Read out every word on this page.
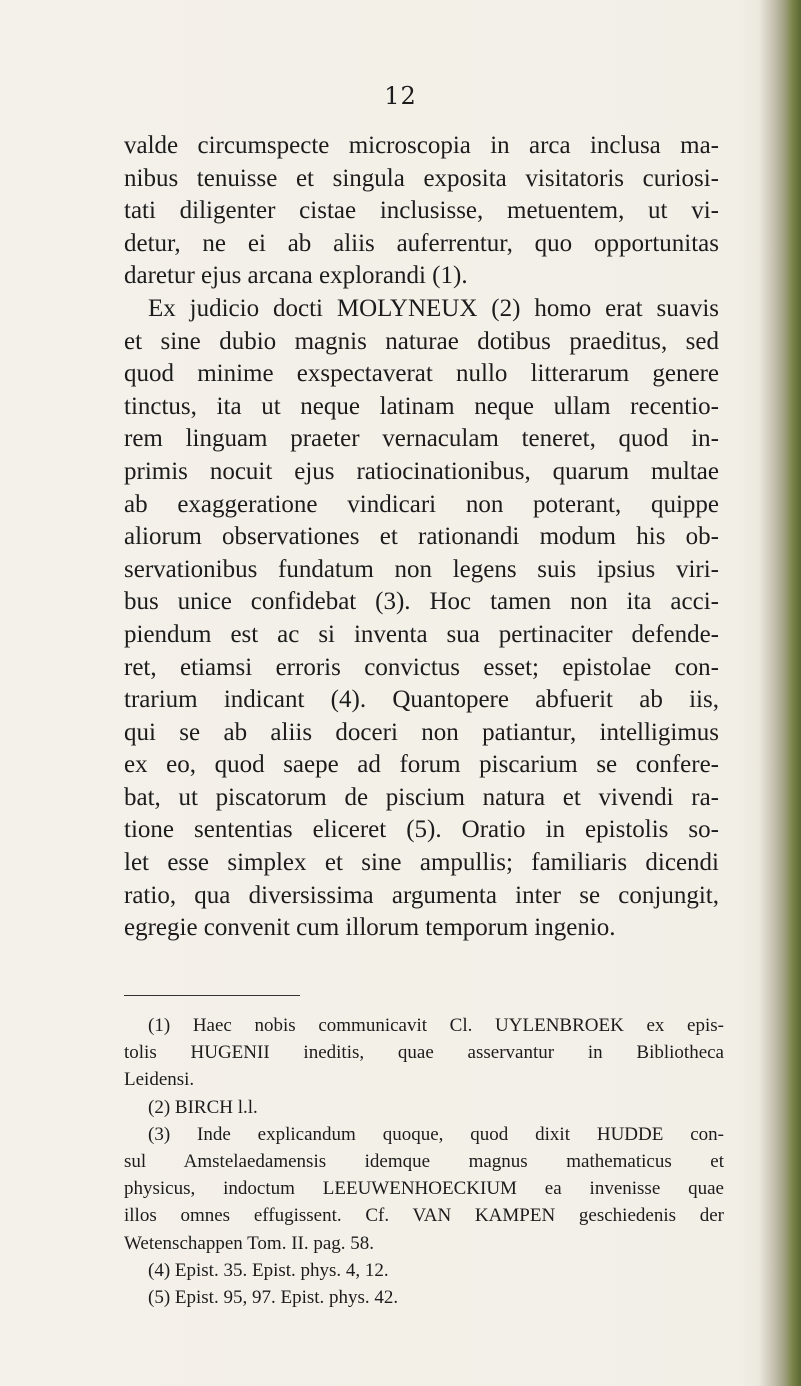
12
valde circumspecte microscopia in arca inclusa ma-
nibus tenuisse et singula exposita visitatoris curiosi-
tati diligenter cistae inclusisse, metuentem, ut vi-
detur, ne ei ab aliis auferrentur, quo opportunitas
daretur ejus arcana explorandi (1).
Ex judicio docti MOLYNEUX (2) homo erat suavis
et sine dubio magnis naturae dotibus praeditus, sed
quod minime exspectaverat nullo litterarum genere
tinctus, ita ut neque latinam neque ullam recentio-
rem linguam praeter vernaculam teneret, quod in-
primis nocuit ejus ratiocinationibus, quarum multae
ab exaggeratione vindicari non poterant, quippe
aliorum observationes et rationandi modum his ob-
servationibus fundatum non legens suis ipsius viri-
bus unice confidebat (3). Hoc tamen non ita acci-
piendum est ac si inventa sua pertinaciter defende-
ret, etiamsi erroris convictus esset; epistolae con-
trarium indicant (4). Quantopere abfuerit ab iis,
qui se ab aliis doceri non patiantur, intelligimus
ex eo, quod saepe ad forum piscarium se confere-
bat, ut piscatorum de piscium natura et vivendi ra-
tione sententias eliceret (5). Oratio in epistolis so-
let esse simplex et sine ampullis; familiaris dicendi
ratio, qua diversissima argumenta inter se conjungit,
egregie convenit cum illorum temporum ingenio.
(1) Haec nobis communicavit Cl. UYLENBROEK ex epis-
tolis HUGENII ineditis, quae asservantur in Bibliotheca
Leidensi.
(2) BIRCH l.l.
(3) Inde explicandum quoque, quod dixit HUDDE con-
sul Amstelaedamensis idemque magnus mathematicus et
physicus, indoctum LEEUWENHOECKIUM ea invenisse quae
illos omnes effugissent. Cf. VAN KAMPEN geschiedenis der
Wetenschappen Tom. II. pag. 58.
(4) Epist. 35. Epist. phys. 4, 12.
(5) Epist. 95, 97. Epist. phys. 42.
